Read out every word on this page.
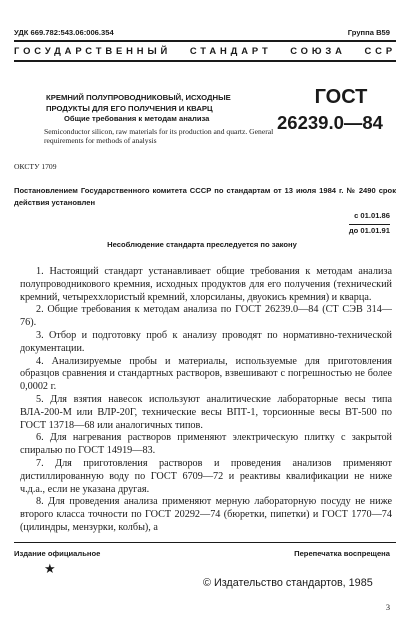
УДК 669.782:543.06:006.354	Группа В59
ГОСУДАРСТВЕННЫЙ СТАНДАРТ СОЮЗА ССР
КРЕМНИЙ ПОЛУПРОВОДНИКОВЫЙ, ИСХОДНЫЕ ПРОДУКТЫ ДЛЯ ЕГО ПОЛУЧЕНИЯ И КВАРЦ
Общие требования к методам анализа
Semiconductor silicon, raw materials for its production and quartz. General requirements for methods of analysis
ГОСТ
26239.0—84
ОКСТУ 1709
Постановлением Государственного комитета СССР по стандартам от 13 июля 1984 г. № 2490 срок действия установлен
с 01.01.86
до 01.01.91
Несоблюдение стандарта преследуется по закону

1. Настоящий стандарт устанавливает общие требования к методам анализа полупроводникового кремния, исходных продуктов для его получения (технический кремний, четыреххлористый кремний, хлорсиланы, двуокись кремния) и кварца.

2. Общие требования к методам анализа по ГОСТ 26239.0—84 (СТ СЭВ 314—76).

3. Отбор и подготовку проб к анализу проводят по нормативно-технической документации.

4. Анализируемые пробы и материалы, используемые для приготовления образцов сравнения и стандартных растворов, взвешивают с погрешностью не более 0,0002 г.

5. Для взятия навесок используют аналитические лабораторные весы типа ВЛА-200-М или ВЛР-20Г, технические весы ВПТ-1, торсионные весы ВТ-500 по ГОСТ 13718—68 или аналогичных типов.

6. Для нагревания растворов применяют электрическую плитку с закрытой спиралью по ГОСТ 14919—83.

7. Для приготовления растворов и проведения анализов применяют дистиллированную воду по ГОСТ 6709—72 и реактивы квалификации не ниже ч.д.а., если не указана другая.

8. Для проведения анализа применяют мерную лабораторную посуду не ниже второго класса точности по ГОСТ 20292—74 (бюретки, пипетки) и ГОСТ 1770—74 (цилиндры, мензурки, колбы), а

Издание официальное	Перепечатка воспрещена
★
© Издательство стандартов, 1985
3
